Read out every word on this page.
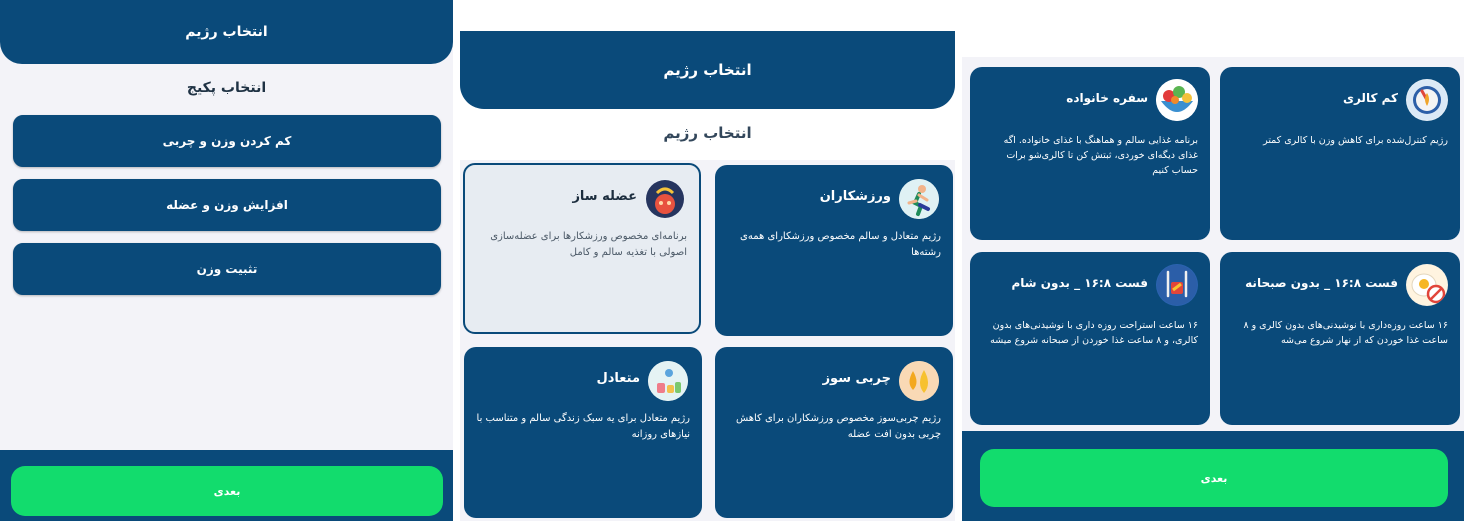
انتخاب رژیم
انتخاب پکیج
کم کردن وزن و چربی
افزایش وزن و عضله
تثبیت وزن
بعدی
انتخاب رژیم
انتخاب رژیم
ورزشکاران
رژیم متعادل و سالم مخصوص ورزشکارای همه‌ی رشته‌ها
عضله ساز
برنامه‌ای مخصوص ورزشکارها برای عضله‌سازی اصولی با تغذیه سالم و کامل
چربی سوز
رژیم چربی‌سوز مخصوص ورزشکاران برای کاهش چربی بدون افت عضله
متعادل
رژیم متعادل برای یه سبک زندگی سالم و متناسب با نیازهای روزانه
کم کالری
رژیم کنترل‌شده برای کاهش وزن با کالری کمتر
سفره خانواده
برنامه غذایی سالم و هماهنگ با غذای خانواده. اگه غذای دیگه‌ای خوردی، ثبتش کن تا کالری‌شو برات حساب کنیم
فست ۱۶:۸ _ بدون صبحانه
۱۶ ساعت روزه‌داری با نوشیدنی‌های بدون کالری و ۸ ساعت غذا خوردن که از نهار شروع می‌شه
فست ۱۶:۸ _ بدون شام
۱۶ ساعت استراحت روزه داری با نوشیدنی‌های بدون کالری، و ۸ ساعت غذا خوردن از صبحانه شروع میشه
بعدی
